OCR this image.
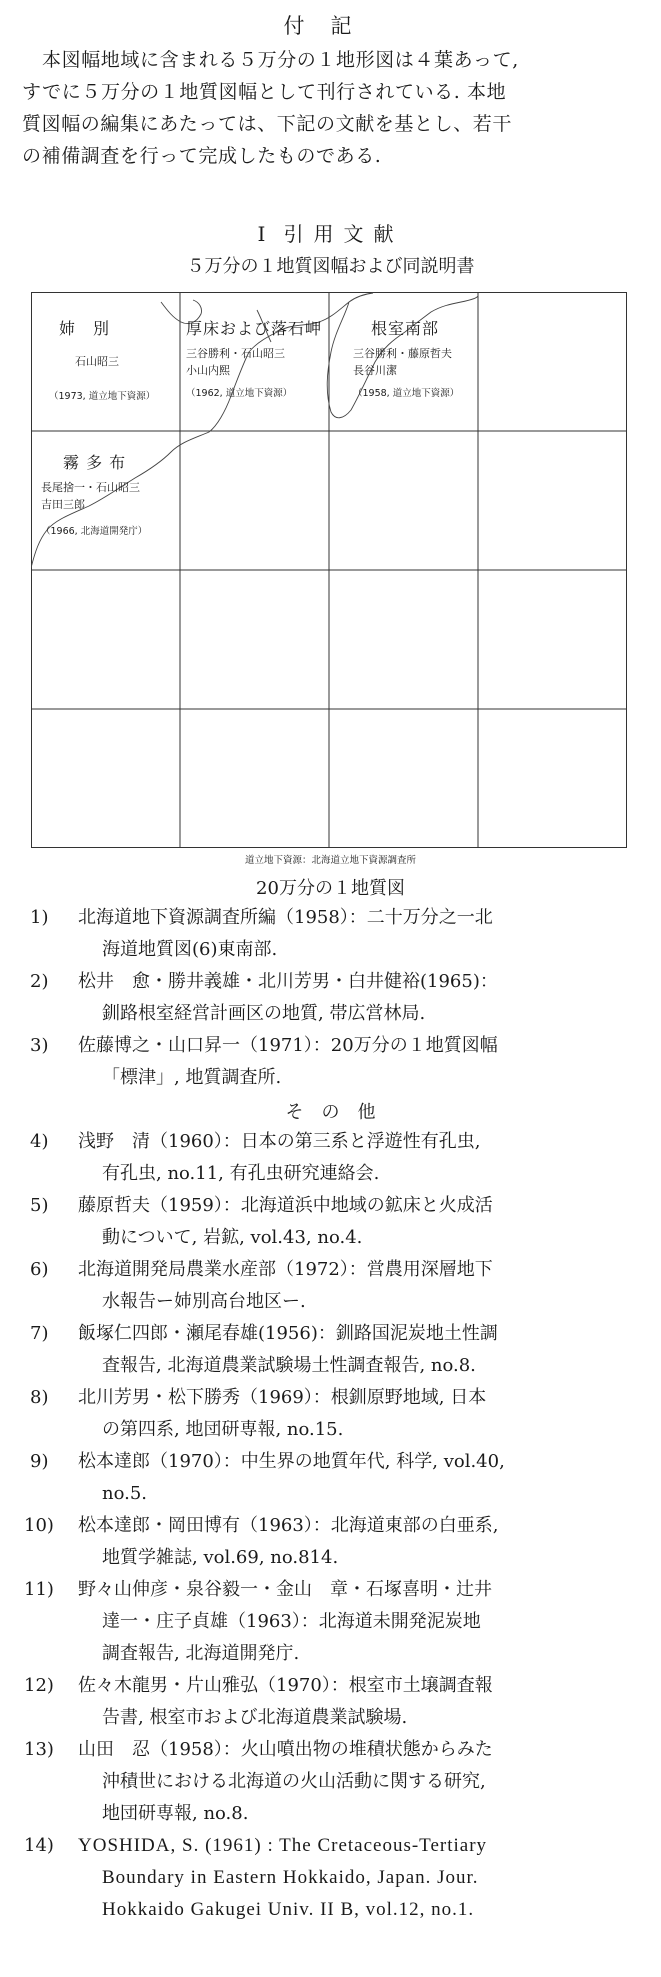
付記

本図幅地域に含まれる５万分の１地形図は４葉あって,

すでに５万分の１地質図幅として刊行されている. 本地

質図幅の編集にあたっては、下記の文献を基とし、若干

の補備調査を行って完成したものである.

I 引用文献
５万分の１地質図幅および同説明書
姉　別
石山昭三
（1973, 道立地下資源）
厚床および落石岬
三谷勝利・石山昭三
小山内熙
（1962, 道立地下資源）
根室南部
三谷勝利・藤原哲夫
長谷川潔
（1958, 道立地下資源）
霧 多 布
長尾捨一・石山昭三
吉田三郎
（1966, 北海道開発庁）
道立地下資源：北海道立地下資源調査所
20万分の１地質図
1) 北海道地下資源調査所編（1958）：二十万分之一北
海道地質図(6)東南部.
2) 松井　愈・勝井義雄・北川芳男・白井健裕(1965)：
釧路根室経営計画区の地質, 帯広営林局.
3) 佐藤博之・山口昇一（1971）：20万分の１地質図幅
「標津」, 地質調査所.
そ　の　他
4) 浅野　清（1960）：日本の第三系と浮遊性有孔虫,
有孔虫, no.11, 有孔虫研究連絡会.
5) 藤原哲夫（1959）：北海道浜中地域の鉱床と火成活
動について, 岩鉱, vol.43, no.4.
6) 北海道開発局農業水産部（1972）：営農用深層地下
水報告ー姉別高台地区ー.
7) 飯塚仁四郎・瀬尾春雄(1956)：釧路国泥炭地土性調
査報告, 北海道農業試験場土性調査報告, no.8.
8) 北川芳男・松下勝秀（1969）：根釧原野地域, 日本
の第四系, 地団研専報, no.15.
9) 松本達郎（1970）：中生界の地質年代, 科学, vol.40,
no.5.
10) 松本達郎・岡田博有（1963）：北海道東部の白亜系,
地質学雑誌, vol.69, no.814.
11) 野々山伸彦・泉谷毅一・金山　章・石塚喜明・辻井
達一・庄子貞雄（1963）：北海道未開発泥炭地
調査報告, 北海道開発庁.
12) 佐々木龍男・片山雅弘（1970）：根室市土壌調査報
告書, 根室市および北海道農業試験場.
13) 山田　忍（1958）：火山噴出物の堆積状態からみた
沖積世における北海道の火山活動に関する研究,
地団研専報, no.8.
14) YOSHIDA, S. (1961) : The Cretaceous-Tertiary
Boundary in Eastern Hokkaido, Japan. Jour.
Hokkaido Gakugei Univ. II B, vol.12, no.1.
